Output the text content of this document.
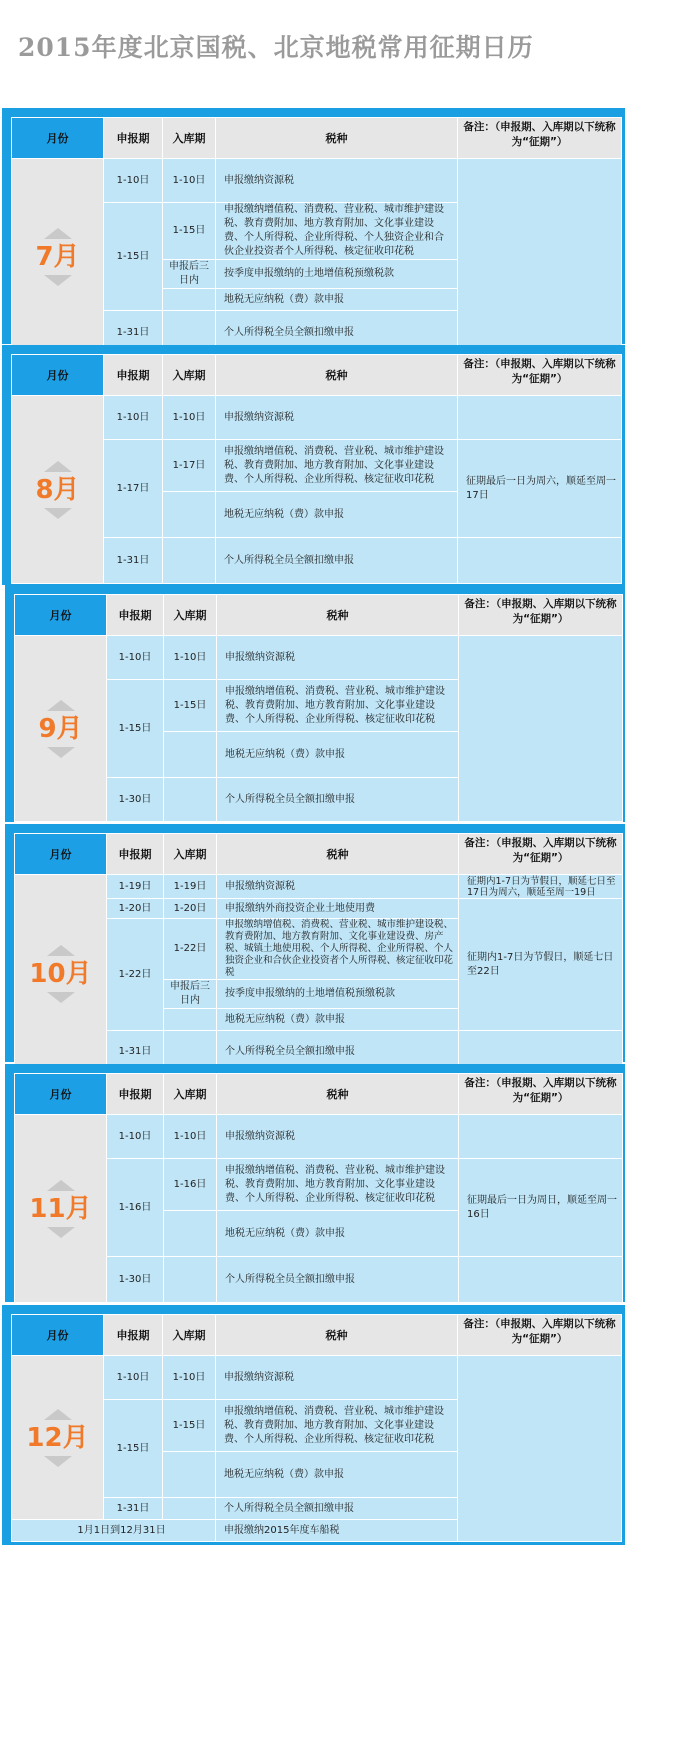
2015年度北京国税、北京地税常用征期日历
月份	申报期	入库期	税种	备注：（申报期、入库期以下统称为“征期”）

7月	1-10日	1-10日	申报缴纳资源税	
	1-15日	1-15日	申报缴纳增值税、消费税、营业税、城市维护建设税、教育费附加、地方教育附加、文化事业建设费、个人所得税、企业所得税、个人独资企业和合伙企业投资者个人所得税、核定征收印花税	
		申报后三日内	按季度申报缴纳的土地增值税预缴税款	
			地税无应纳税（费）款申报	
	1-31日		个人所得税全员全额扣缴申报	
月份	申报期	入库期	税种	备注：（申报期、入库期以下统称为“征期”）

8月	1-10日	1-10日	申报缴纳资源税	
	1-17日	1-17日	申报缴纳增值税、消费税、营业税、城市维护建设税、教育费附加、地方教育附加、文化事业建设费、个人所得税、企业所得税、核定征收印花税	征期最后一日为周六，顺延至周一17日
			地税无应纳税（费）款申报	
	1-31日		个人所得税全员全额扣缴申报	
月份	申报期	入库期	税种	备注：（申报期、入库期以下统称为“征期”）

9月	1-10日	1-10日	申报缴纳资源税	
	1-15日	1-15日	申报缴纳增值税、消费税、营业税、城市维护建设税、教育费附加、地方教育附加、文化事业建设费、个人所得税、企业所得税、核定征收印花税	
			地税无应纳税（费）款申报	
	1-30日		个人所得税全员全额扣缴申报	
月份	申报期	入库期	税种	备注：（申报期、入库期以下统称为“征期”）

10月	1-19日	1-19日	申报缴纳资源税	征期内1-7日为节假日，顺延七日至17日为周六，顺延至周一19日
	1-20日	1-20日	申报缴纳外商投资企业土地使用费	征期内1-7日为节假日，顺延七日至22日
	1-22日	1-22日	申报缴纳增值税、消费税、营业税、城市维护建设税、教育费附加、地方教育附加、文化事业建设费、房产税、城镇土地使用税、个人所得税、企业所得税、个人独资企业和合伙企业投资者个人所得税、核定征收印花税	
		申报后三日内	按季度申报缴纳的土地增值税预缴税款	
			地税无应纳税（费）款申报	
	1-31日		个人所得税全员全额扣缴申报	
月份	申报期	入库期	税种	备注：（申报期、入库期以下统称为“征期”）

11月	1-10日	1-10日	申报缴纳资源税	
	1-16日	1-16日	申报缴纳增值税、消费税、营业税、城市维护建设税、教育费附加、地方教育附加、文化事业建设费、个人所得税、企业所得税、核定征收印花税	征期最后一日为周日，顺延至周一16日
			地税无应纳税（费）款申报	
	1-30日		个人所得税全员全额扣缴申报	
月份	申报期	入库期	税种	备注：（申报期、入库期以下统称为“征期”）

12月	1-10日	1-10日	申报缴纳资源税	
	1-15日	1-15日	申报缴纳增值税、消费税、营业税、城市维护建设税、教育费附加、地方教育附加、文化事业建设费、个人所得税、企业所得税、核定征收印花税	
			地税无应纳税（费）款申报	
	1-31日		个人所得税全员全额扣缴申报	
1月1日到12月31日			申报缴纳2015年度车船税	
